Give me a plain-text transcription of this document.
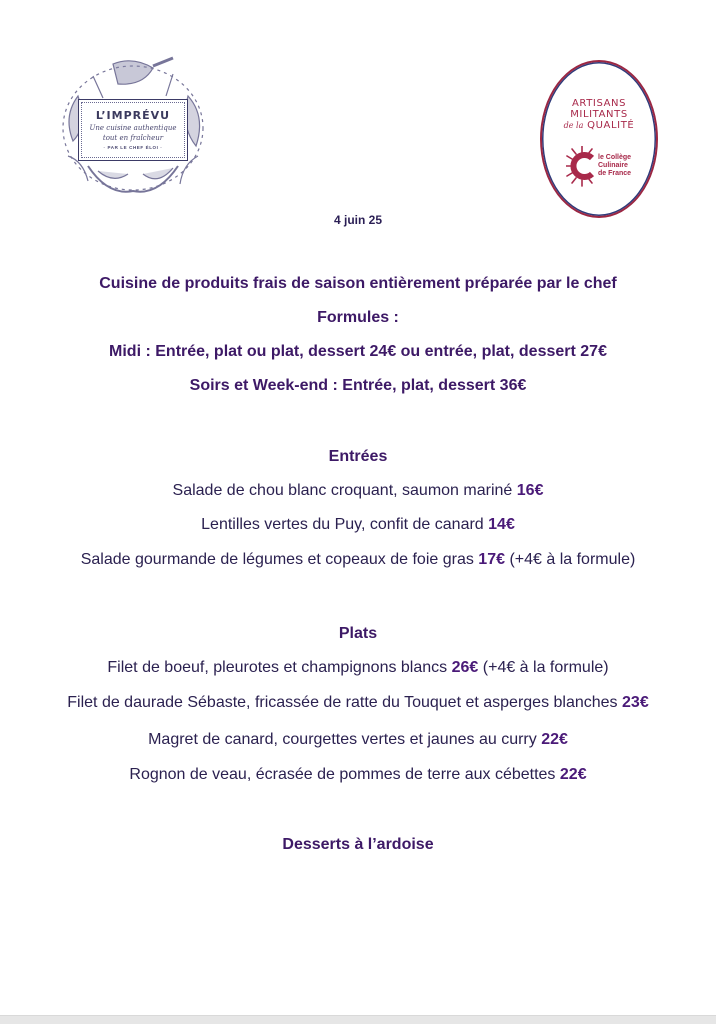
L’IMPRÉVU
Une cuisine authentique
tout en fraîcheur
· PAR LE CHEF ÉLOI ·
ARTISANS
MILITANTS
de la QUALITÉ
le Collège
Culinaire
de France
4 juin 25
Cuisine de produits frais de saison entièrement préparée par le chef
Formules :
Midi : Entrée, plat ou plat, dessert 24€ ou entrée, plat, dessert 27€
Soirs et Week-end : Entrée, plat, dessert 36€
Entrées
Salade de chou blanc croquant, saumon mariné 16€
Lentilles vertes du Puy, confit de canard 14€
Salade gourmande de légumes et copeaux de foie gras 17€ (+4€ à la formule)
Plats
Filet de boeuf, pleurotes et champignons blancs 26€ (+4€ à la formule)
Filet de daurade Sébaste, fricassée de ratte du Touquet et asperges blanches 23€
Magret de canard, courgettes vertes et jaunes au curry 22€
Rognon de veau, écrasée de pommes de terre aux cébettes 22€
Desserts à l’ardoise
